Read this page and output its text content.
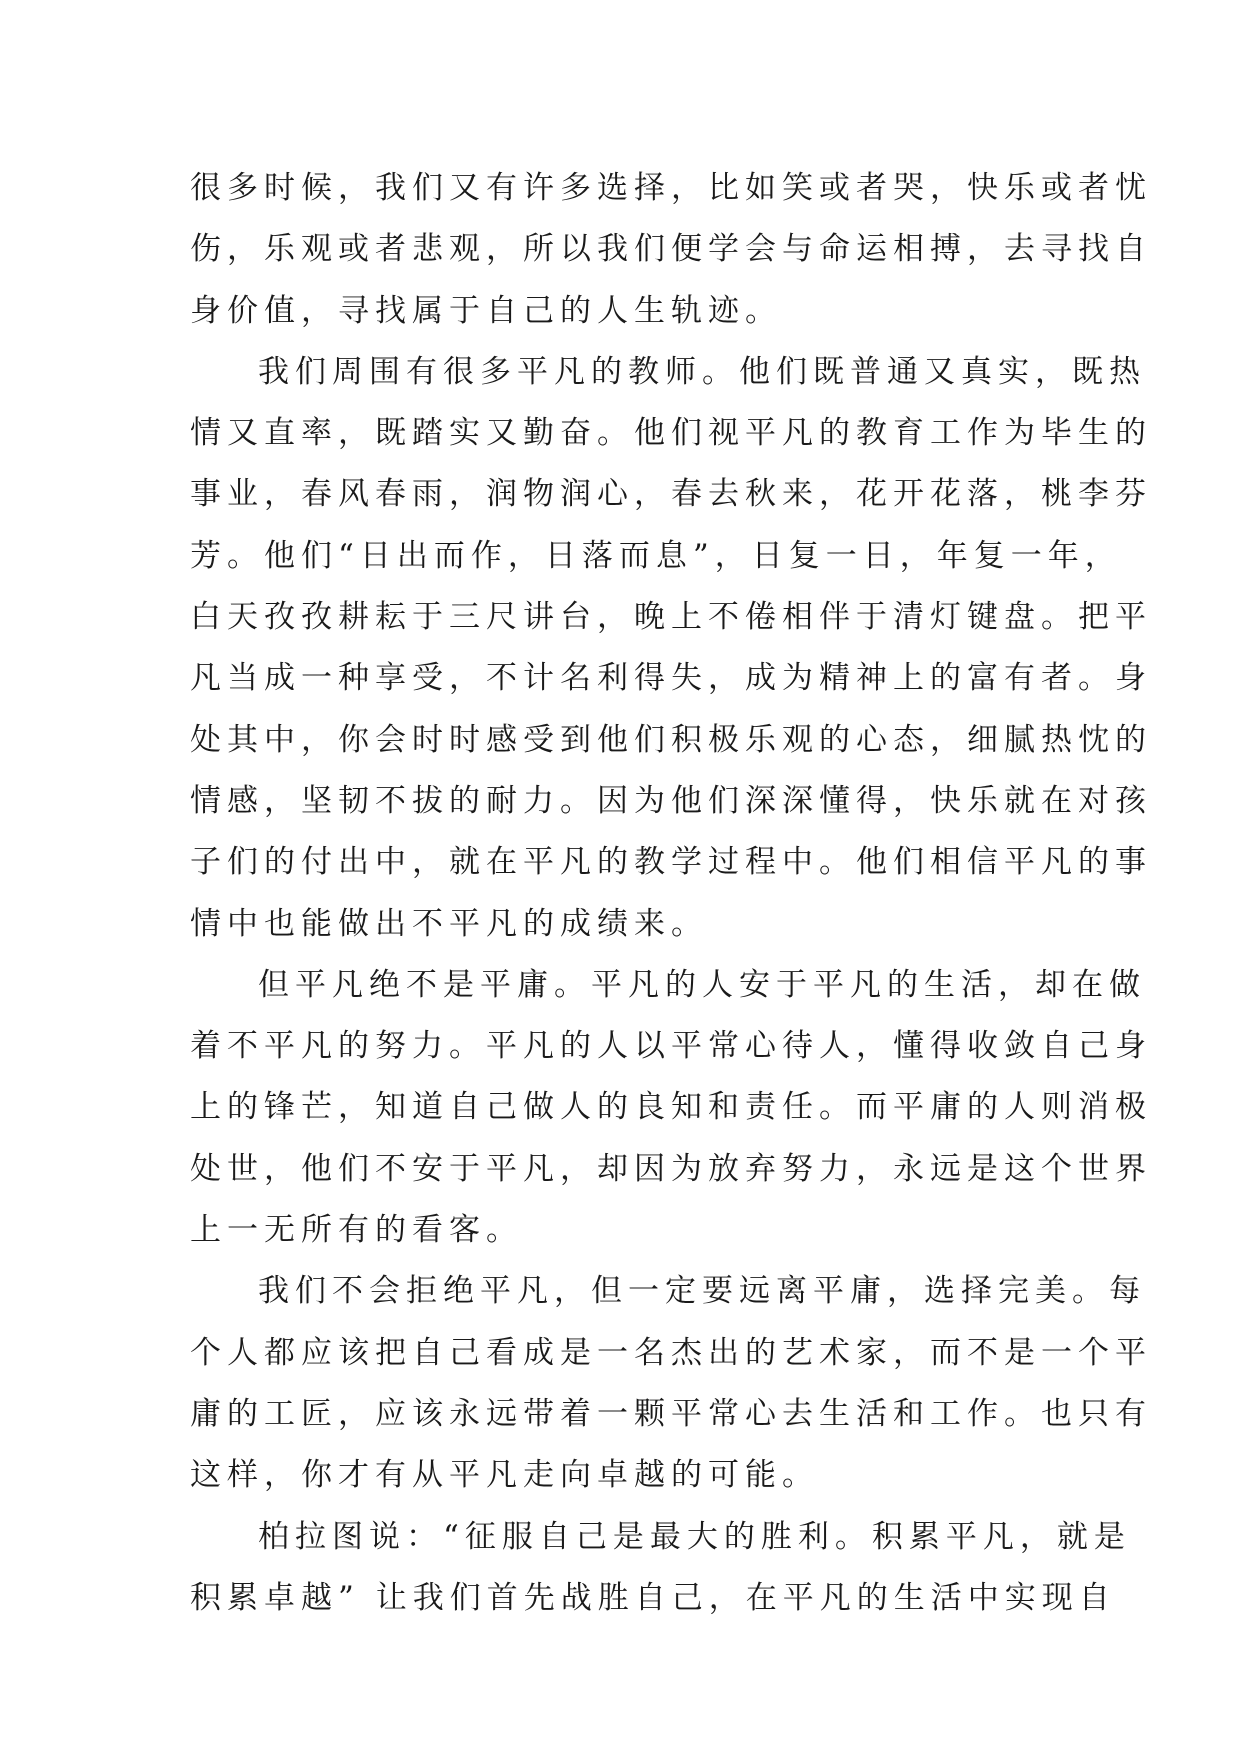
很多时候，我们又有许多选择，比如笑或者哭，快乐或者忧
伤，乐观或者悲观，所以我们便学会与命运相搏，去寻找自
身价值，寻找属于自己的人生轨迹。
我们周围有很多平凡的教师。他们既普通又真实，既热
情又直率，既踏实又勤奋。他们视平凡的教育工作为毕生的
事业，春风春雨，润物润心，春去秋来，花开花落，桃李芬
芳。他们“日出而作，日落而息”，日复一日，年复一年，
白天孜孜耕耘于三尺讲台，晚上不倦相伴于清灯键盘。把平
凡当成一种享受，不计名利得失，成为精神上的富有者。身
处其中，你会时时感受到他们积极乐观的心态，细腻热忱的
情感，坚韧不拔的耐力。因为他们深深懂得，快乐就在对孩
子们的付出中，就在平凡的教学过程中。他们相信平凡的事
情中也能做出不平凡的成绩来。
但平凡绝不是平庸。平凡的人安于平凡的生活，却在做
着不平凡的努力。平凡的人以平常心待人，懂得收敛自己身
上的锋芒，知道自己做人的良知和责任。而平庸的人则消极
处世，他们不安于平凡，却因为放弃努力，永远是这个世界
上一无所有的看客。
我们不会拒绝平凡，但一定要远离平庸，选择完美。每
个人都应该把自己看成是一名杰出的艺术家，而不是一个平
庸的工匠，应该永远带着一颗平常心去生活和工作。也只有
这样，你才有从平凡走向卓越的可能。
柏拉图说：“征服自己是最大的胜利。积累平凡，就是
积累卓越” 让我们首先战胜自己，在平凡的生活中实现自
